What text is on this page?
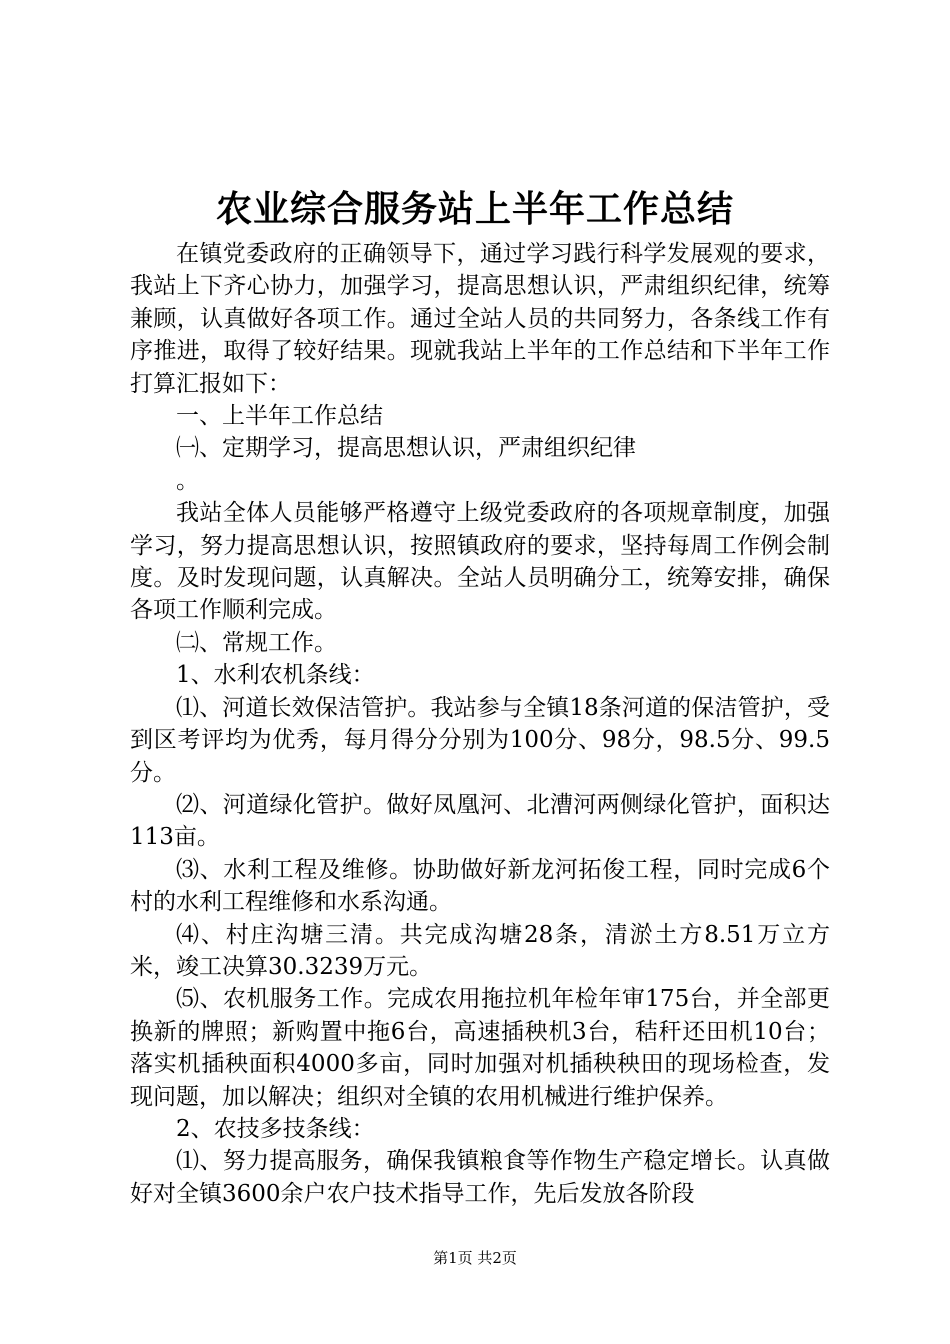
农业综合服务站上半年工作总结

在镇党委政府的正确领导下，通过学习践行科学发展观的要求，我站上下齐心协力，加强学习，提高思想认识，严肃组织纪律，统筹兼顾，认真做好各项工作。通过全站人员的共同努力，各条线工作有序推进，取得了较好结果。现就我站上半年的工作总结和下半年工作打算汇报如下：

一、上半年工作总结

㈠、定期学习，提高思想认识，严肃组织纪律

。

我站全体人员能够严格遵守上级党委政府的各项规章制度，加强学习，努力提高思想认识，按照镇政府的要求，坚持每周工作例会制度。及时发现问题，认真解决。全站人员明确分工，统筹安排，确保各项工作顺利完成。

㈡、常规工作。

1、水利农机条线：

⑴、河道长效保洁管护。我站参与全镇18条河道的保洁管护，受到区考评均为优秀，每月得分分别为100分、98分，98.5分、99.5分。

⑵、河道绿化管护。做好凤凰河、北漕河两侧绿化管护，面积达113亩。

⑶、水利工程及维修。协助做好新龙河拓俊工程，同时完成6个村的水利工程维修和水系沟通。

⑷、村庄沟塘三清。共完成沟塘28条，清淤土方8.51万立方米，竣工决算30.3239万元。

⑸、农机服务工作。完成农用拖拉机年检年审175台，并全部更换新的牌照；新购置中拖6台，高速插秧机3台，秸秆还田机10台；落实机插秧面积4000多亩，同时加强对机插秧秧田的现场检查，发现问题，加以解决；组织对全镇的农用机械进行维护保养。

2、农技多技条线：

⑴、努力提高服务，确保我镇粮食等作物生产稳定增长。认真做好对全镇3600余户农户技术指导工作，先后发放各阶段

第1页 共2页
